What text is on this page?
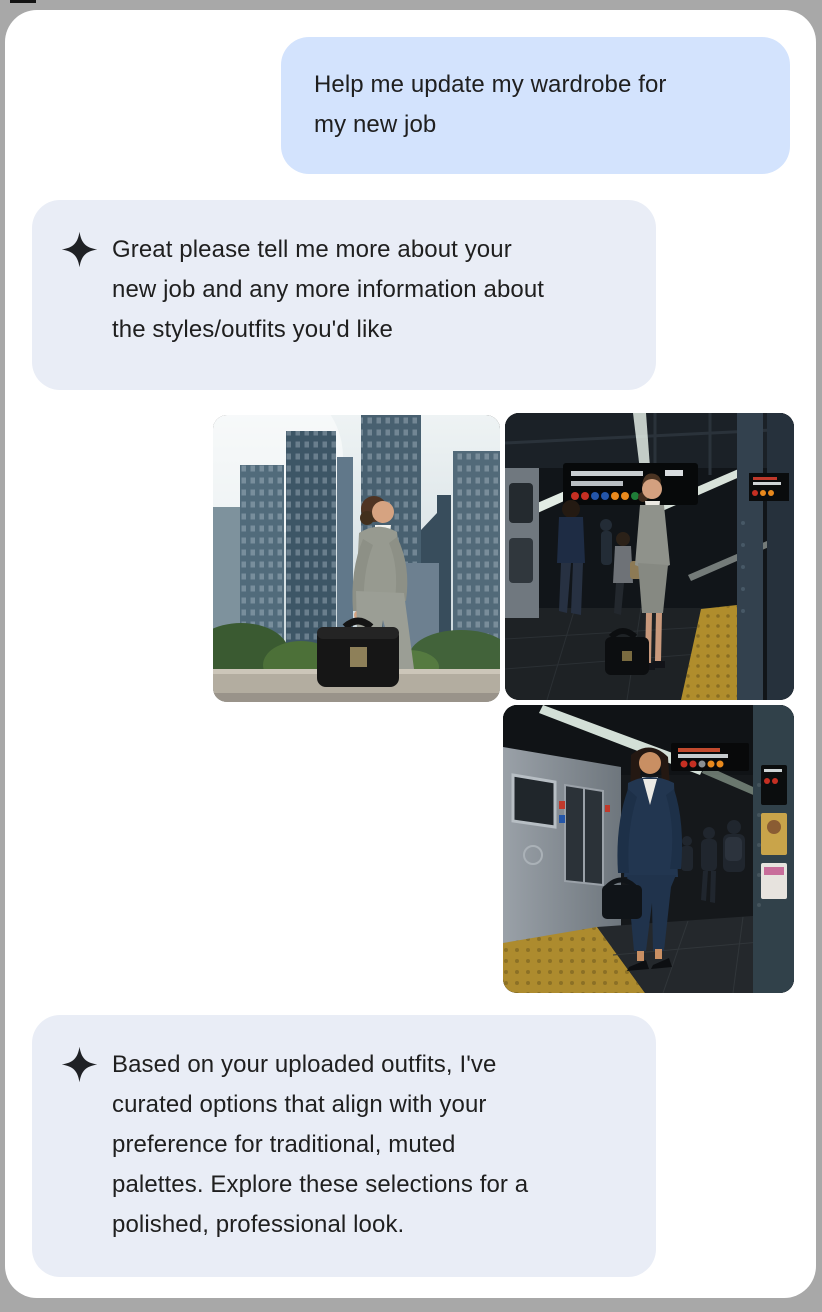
Help me update my wardrobe for
my new job
Great please tell me more about your
new job and any more information about
the styles/outfits you'd like
Based on your uploaded outfits, I've
curated options that align with your
preference for traditional, muted
palettes. Explore these selections for a
polished, professional look.
